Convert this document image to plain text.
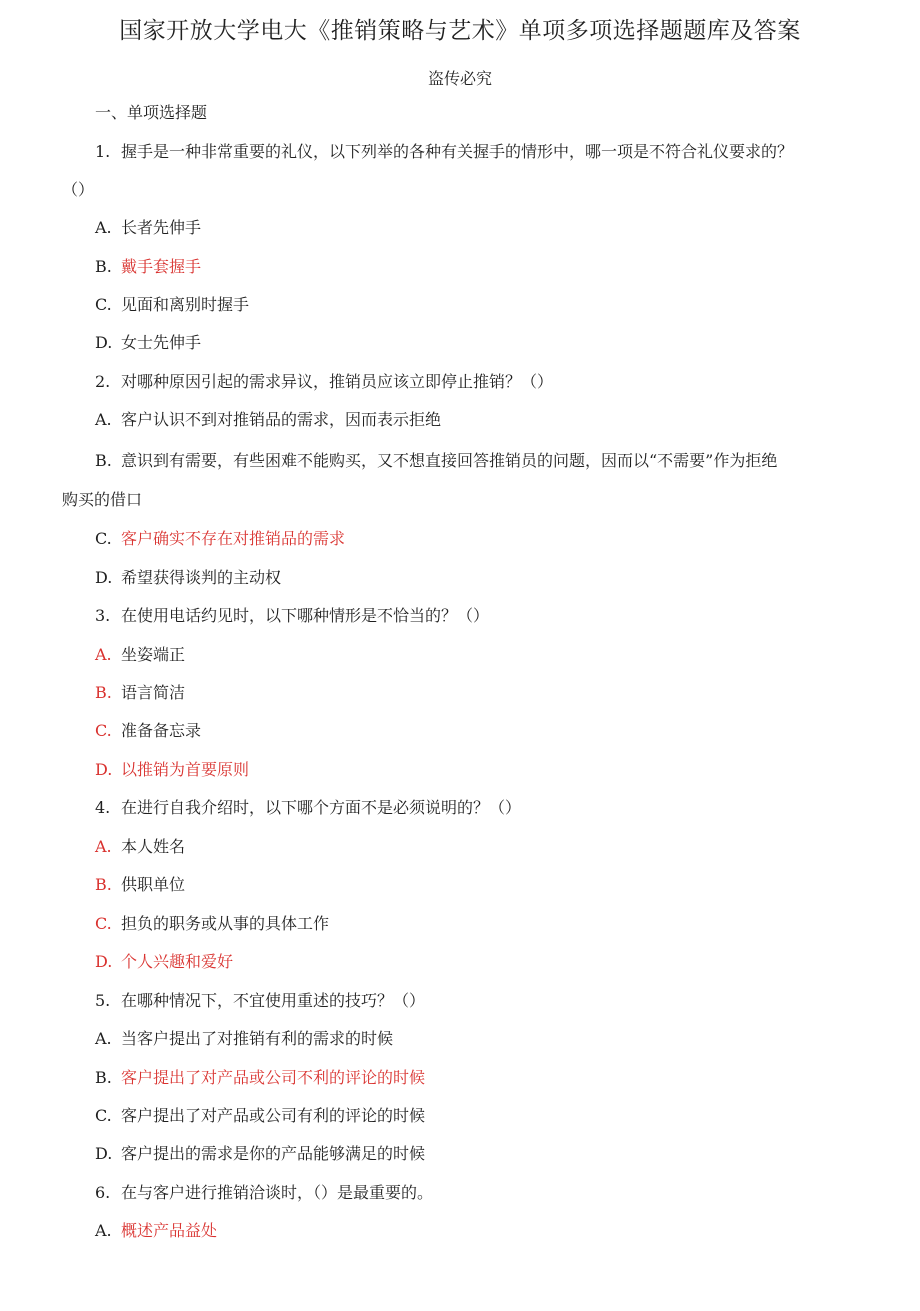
国家开放大学电大《推销策略与艺术》单项多项选择题题库及答案
盗传必究
一、单项选择题
1. 握手是一种非常重要的礼仪，以下列举的各种有关握手的情形中，哪一项是不符合礼仪要求的？
（）
A. 长者先伸手
B. 戴手套握手
C. 见面和离别时握手
D. 女士先伸手
2. 对哪种原因引起的需求异议，推销员应该立即停止推销？（）
A. 客户认识不到对推销品的需求，因而表示拒绝
B. 意识到有需要，有些困难不能购买，又不想直接回答推销员的问题，因而以“不需要”作为拒绝
购买的借口
C. 客户确实不存在对推销品的需求
D. 希望获得谈判的主动权
3. 在使用电话约见时，以下哪种情形是不恰当的？（）
A. 坐姿端正
B. 语言简洁
C. 准备备忘录
D. 以推销为首要原则
4. 在进行自我介绍时，以下哪个方面不是必须说明的？（）
A. 本人姓名
B. 供职单位
C. 担负的职务或从事的具体工作
D. 个人兴趣和爱好
5. 在哪种情况下，不宜使用重述的技巧？（）
A. 当客户提出了对推销有利的需求的时候
B. 客户提出了对产品或公司不利的评论的时候
C. 客户提出了对产品或公司有利的评论的时候
D. 客户提出的需求是你的产品能够满足的时候
6. 在与客户进行推销洽谈时，（）是最重要的。
A. 概述产品益处
